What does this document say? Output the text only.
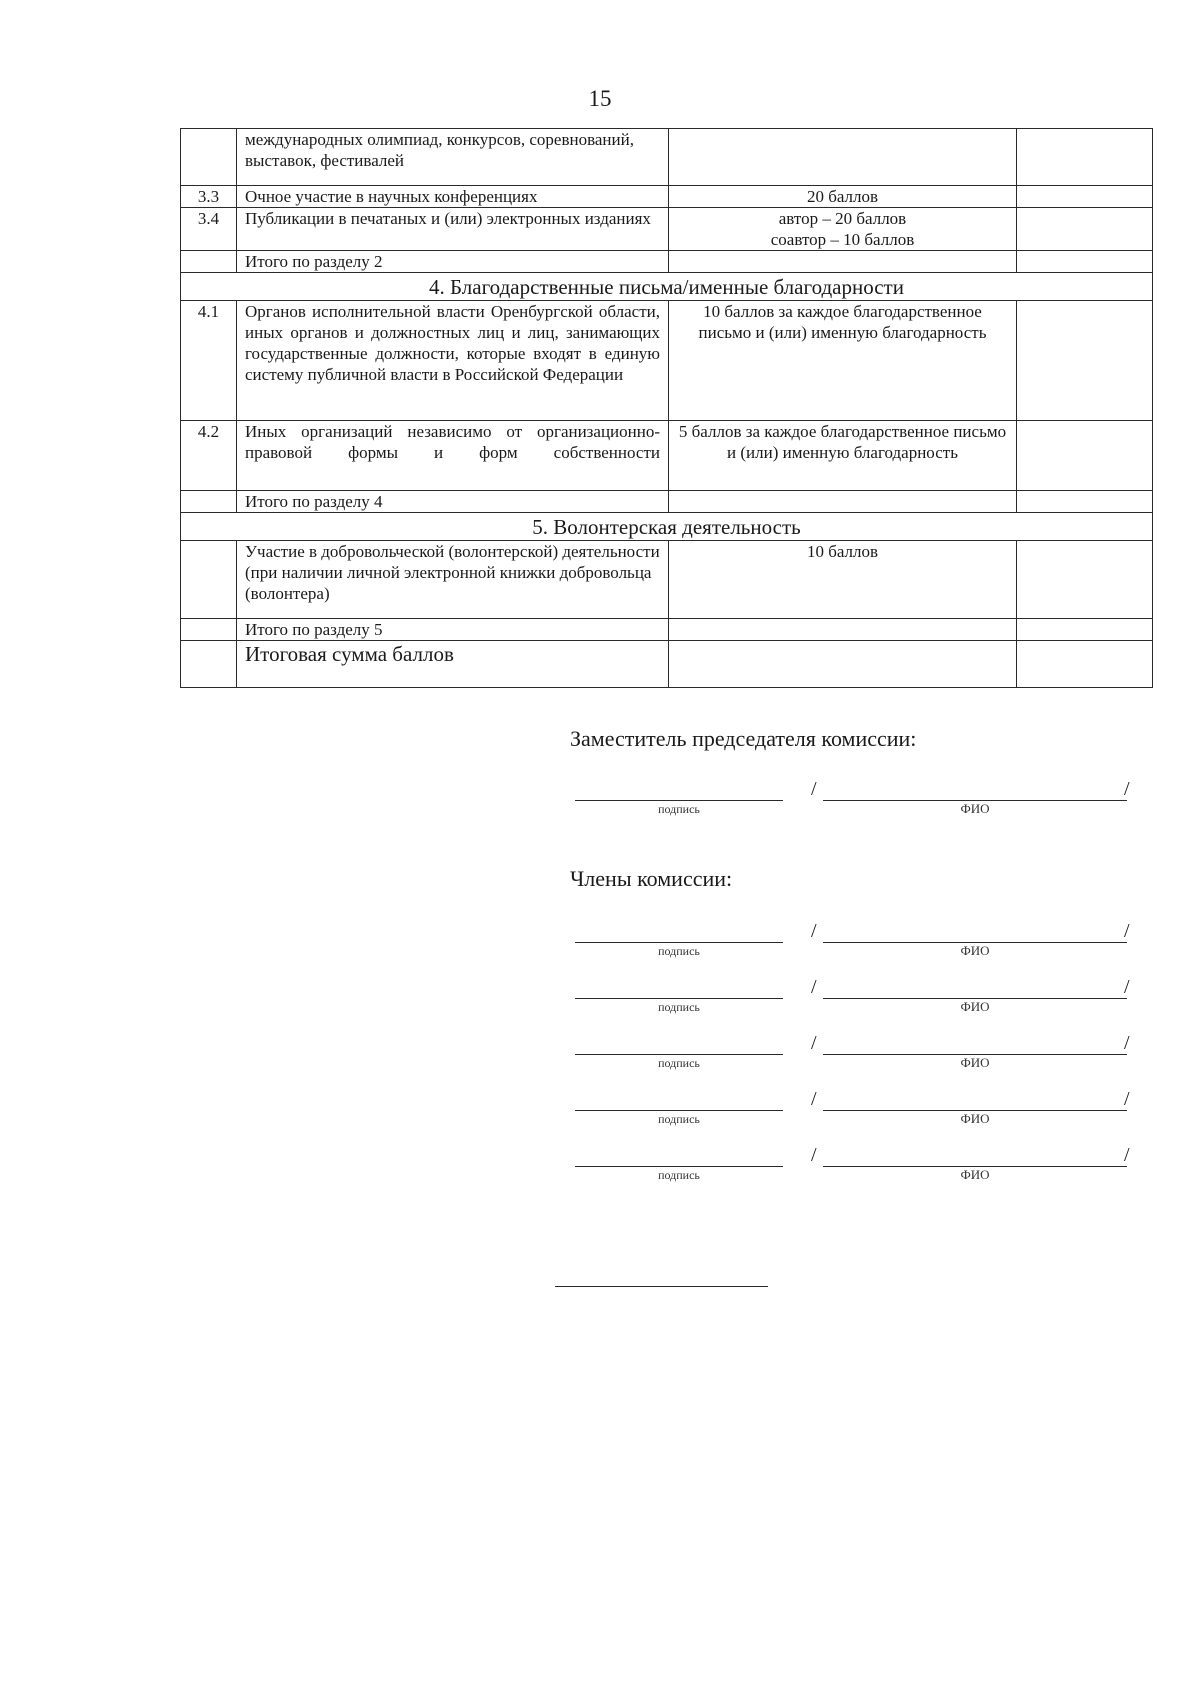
15
	международных олимпиад, конкурсов, соревнований, выставок, фестивалей		
3.3	Очное участие в научных конференциях	20 баллов	
3.4	Публикации в печатаных и (или) электронных изданиях	автор – 20 баллов
соавтор – 10 баллов	

	Итого по разделу 2		
4. Благодарственные письма/именные благодарности			
4.1	Органов исполнительной власти Оренбургской области, иных органов и должностных лиц и лиц, занимающих государственные должности, которые входят в единую систему публичной власти в Российской Федерации	10 баллов за каждое благодарственное письмо и (или) именную благодарность	
4.2	Иных организаций независимо от организационно-правовой формы и форм собственности	5 баллов за каждое благодарственное письмо и (или) именную благодарность	
	Итого по разделу 4		
5. Волонтерская деятельность			
	Участие в добровольческой (волонтерской) деятельности (при наличии личной электронной книжки добровольца (волонтера)	10 баллов	
	Итого по разделу 5		
	Итоговая сумма баллов		
Заместитель председателя комиссии:
подпись
/	/
ФИО
Члены комиссии:
подпись
/	/
ФИО
подпись
/	/
ФИО
подпись
/	/
ФИО
подпись
/	/
ФИО
подпись
/	/
ФИО
